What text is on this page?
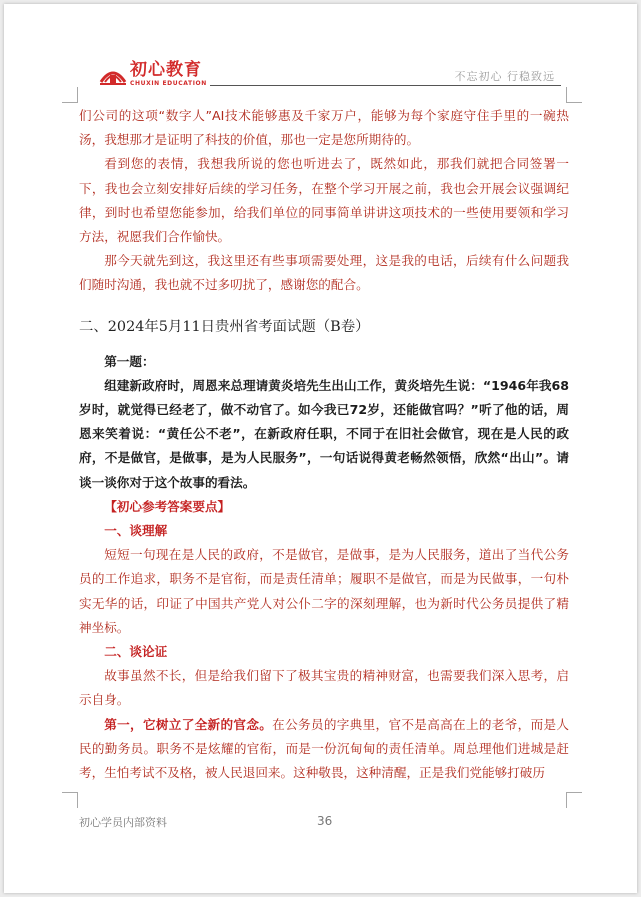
初心教育
CHUXIN EDUCATION
不忘初心 行稳致远

们公司的这项“数字人”AI技术能够惠及千家万户，能够为每个家庭守住手里的一碗热汤，我想那才是证明了科技的价值，那也一定是您所期待的。

看到您的表情，我想我所说的您也听进去了，既然如此，那我们就把合同签署一下，我也会立刻安排好后续的学习任务，在整个学习开展之前，我也会开展会议强调纪律，到时也希望您能参加，给我们单位的同事简单讲讲这项技术的一些使用要领和学习方法，祝愿我们合作愉快。

那今天就先到这，我这里还有些事项需要处理，这是我的电话，后续有什么问题我们随时沟通，我也就不过多叨扰了，感谢您的配合。

二、2024年5月11日贵州省考面试题（B卷）

第一题：

组建新政府时，周恩来总理请黄炎培先生出山工作，黄炎培先生说：“1946年我68岁时，就觉得已经老了，做不动官了。如今我已72岁，还能做官吗？”听了他的话，周恩来笑着说：“黄任公不老”，在新政府任职，不同于在旧社会做官，现在是人民的政府，不是做官，是做事，是为人民服务”，一句话说得黄老畅然领悟，欣然“出山”。请谈一谈你对于这个故事的看法。

【初心参考答案要点】

一、谈理解

短短一句现在是人民的政府，不是做官，是做事，是为人民服务，道出了当代公务员的工作追求，职务不是官衔，而是责任清单；履职不是做官，而是为民做事，一句朴实无华的话，印证了中国共产党人对公仆二字的深刻理解，也为新时代公务员提供了精神坐标。

二、谈论证

故事虽然不长，但是给我们留下了极其宝贵的精神财富，也需要我们深入思考，启示自身。

第一，它树立了全新的官念。在公务员的字典里，官不是高高在上的老爷，而是人民的勤务员。职务不是炫耀的官衔，而是一份沉甸甸的责任清单。周总理他们进城是赶考，生怕考试不及格，被人民退回来。这种敬畏，这种清醒，正是我们党能够打破历

初心学员内部资料	36
